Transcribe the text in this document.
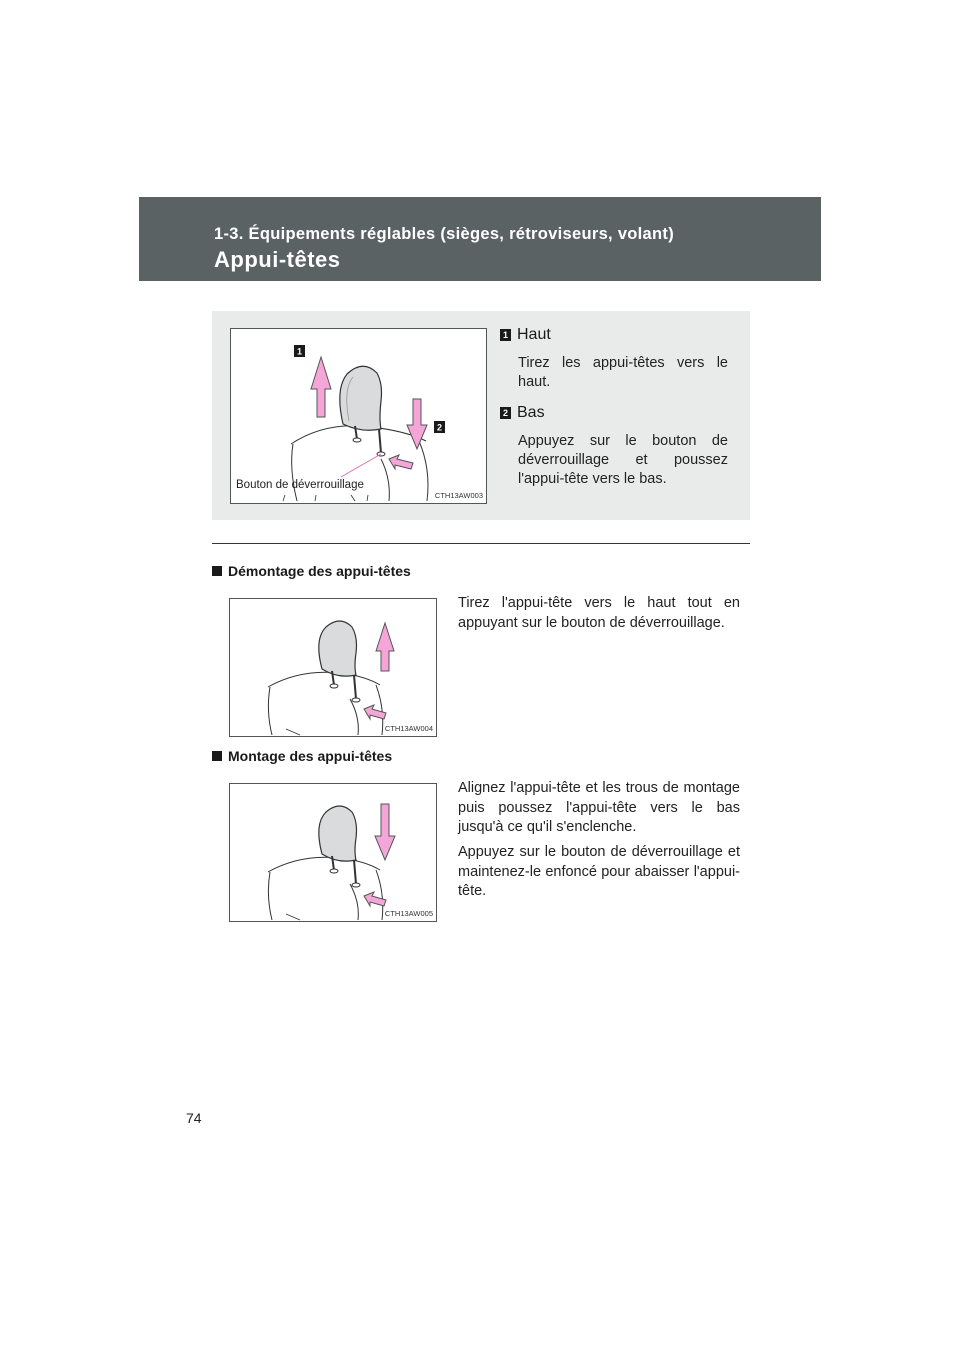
1-3. Équipements réglables (sièges, rétroviseurs, volant)
Appui-têtes
1
2
Bouton de déverrouillage
CTH13AW003
1 Haut
Tirez les appui-têtes vers le haut.
2 Bas
Appuyez sur le bouton de déverrouillage et poussez l'appui-tête vers le bas.
Démontage des appui-têtes
CTH13AW004

Tirez l'appui-tête vers le haut tout en appuyant sur le bouton de déverrouillage.

Montage des appui-têtes
CTH13AW005

Alignez l'appui-tête et les trous de montage puis poussez l'appui-tête vers le bas jusqu'à ce qu'il s'enclenche.

Appuyez sur le bouton de déverrouillage et maintenez-le enfoncé pour abaisser l'appui-tête.

74
